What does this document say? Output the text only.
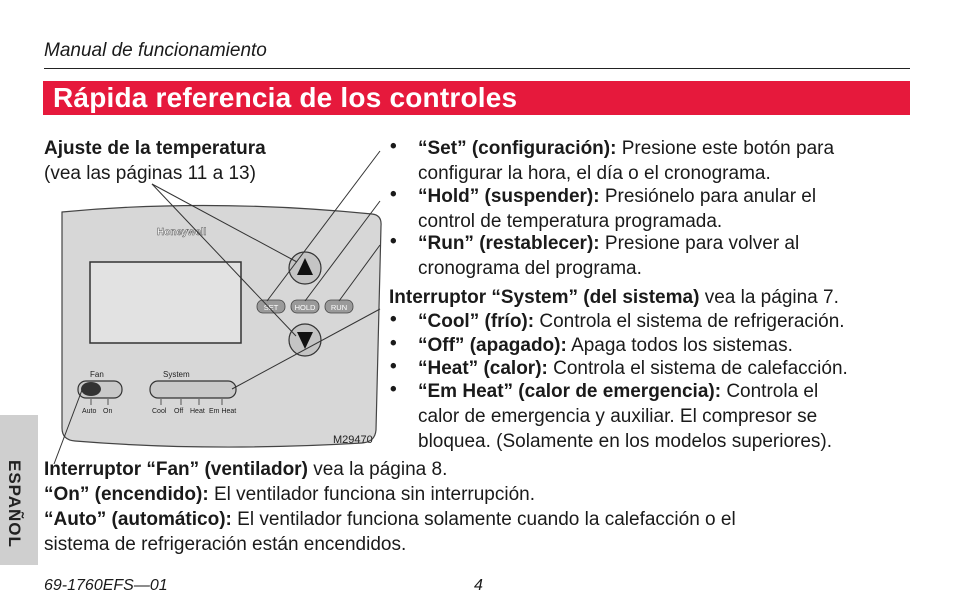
Manual de funcionamiento
Rápida referencia de los controles
ESPAÑOL
Honeywell
SET HOLD RUN
Fan
Auto On
System
Cool Off Heat Em Heat
M29470
Ajuste de la temperatura
(vea las páginas 11 a 13)
• “Set” (configuración): Presione este botón para
configurar la hora, el día o el cronograma.
• “Hold” (suspender): Presiónelo para anular el
control de temperatura programada.
• “Run” (restablecer): Presione para volver al
cronograma del programa.
Interruptor “System” (del sistema) vea la página 7.
• “Cool” (frío): Controla el sistema de refrigeración.
• “Off” (apagado): Apaga todos los sistemas.
• “Heat” (calor): Controla el sistema de calefacción.
• “Em Heat” (calor de emergencia): Controla el
calor de emergencia y auxiliar. El compresor se
bloquea. (Solamente en los modelos superiores).
Interruptor “Fan” (ventilador) vea la página 8.
“On” (encendido): El ventilador funciona sin interrupción.
“Auto” (automático): El ventilador funciona solamente cuando la calefacción o el
sistema de refrigeración están encendidos.
69-1760EFS—01	4
